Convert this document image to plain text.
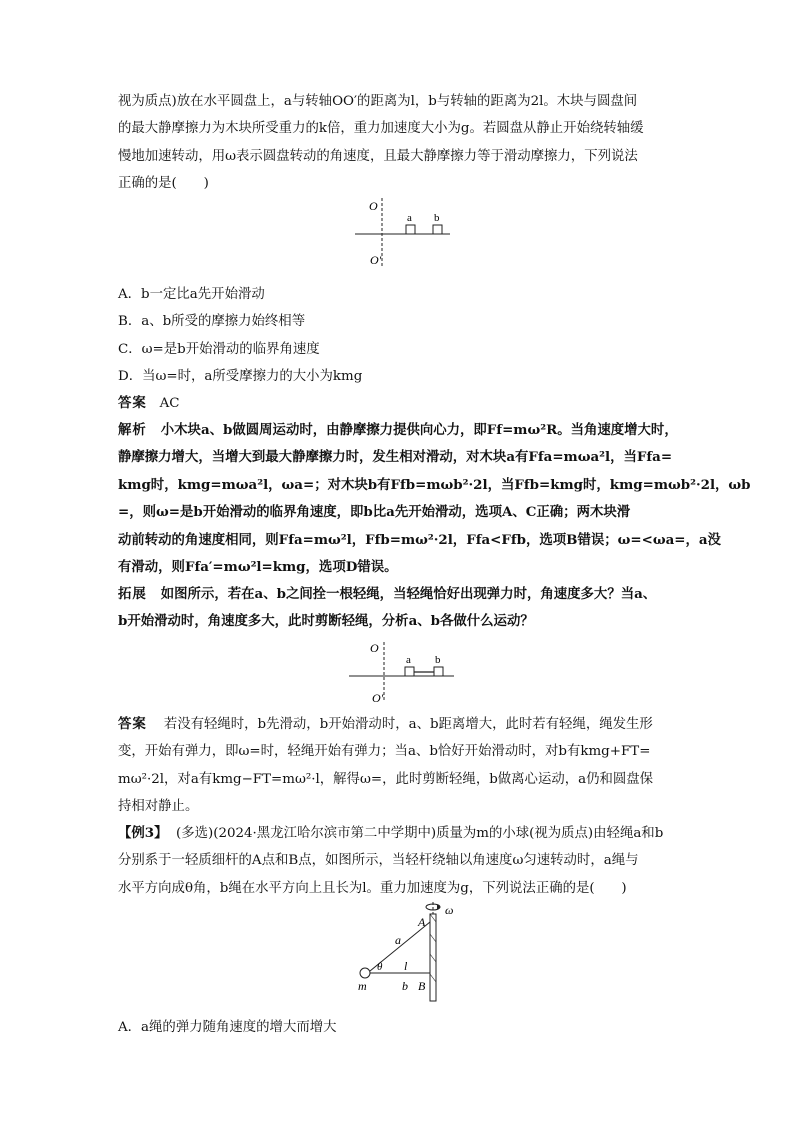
视为质点)放在水平圆盘上，a与转轴OO′的距离为l，b与转轴的距离为2l。木块与圆盘间

的最大静摩擦力为木块所受重力的k倍，重力加速度大小为g。若圆盘从静止开始绕转轴缓

慢地加速转动，用ω表示圆盘转动的角速度，且最大静摩擦力等于滑动摩擦力，下列说法

正确的是(　　)

O
O′
a b

A．b一定比a先开始滑动

B．a、b所受的摩擦力始终相等

C．ω=是b开始滑动的临界角速度

D．当ω=时，a所受摩擦力的大小为kmg

答案 AC

解析 小木块a、b做圆周运动时，由静摩擦力提供向心力，即Ff=mω²R。当角速度增大时，

静摩擦力增大，当增大到最大静摩擦力时，发生相对滑动，对木块a有Ffa=mωa²l，当Ffa=

kmg时，kmg=mωa²l，ωa=；对木块b有Ffb=mωb²·2l，当Ffb=kmg时，kmg=mωb²·2l，ωb

=，则ω=是b开始滑动的临界角速度，即b比a先开始滑动，选项A、C正确；两木块滑

动前转动的角速度相同，则Ffa=mω²l，Ffb=mω²·2l，Ffa<Ffb，选项B错误；ω=<ωa=，a没

有滑动，则Ffa′=mω²l=kmg，选项D错误。

拓展 如图所示，若在a、b之间拴一根轻绳，当轻绳恰好出现弹力时，角速度多大？当a、

b开始滑动时，角速度多大，此时剪断轻绳，分析a、b各做什么运动？

O
O′
a b

答案 若没有轻绳时，b先滑动，b开始滑动时，a、b距离增大，此时若有轻绳，绳发生形

变，开始有弹力，即ω=时，轻绳开始有弹力；当a、b恰好开始滑动时，对b有kmg+FT=

mω²·2l，对a有kmg−FT=mω²·l，解得ω=，此时剪断轻绳，b做离心运动，a仍和圆盘保

持相对静止。

【例3】 (多选)(2024·黑龙江哈尔滨市第二中学期中)质量为m的小球(视为质点)由轻绳a和b

分别系于一轻质细杆的A点和B点，如图所示，当轻杆绕轴以角速度ω匀速转动时，a绳与

水平方向成θ角，b绳在水平方向上且长为l。重力加速度为g，下列说法正确的是(　　)

ω
A
a
θ l
m	b B

A．a绳的弹力随角速度的增大而增大
